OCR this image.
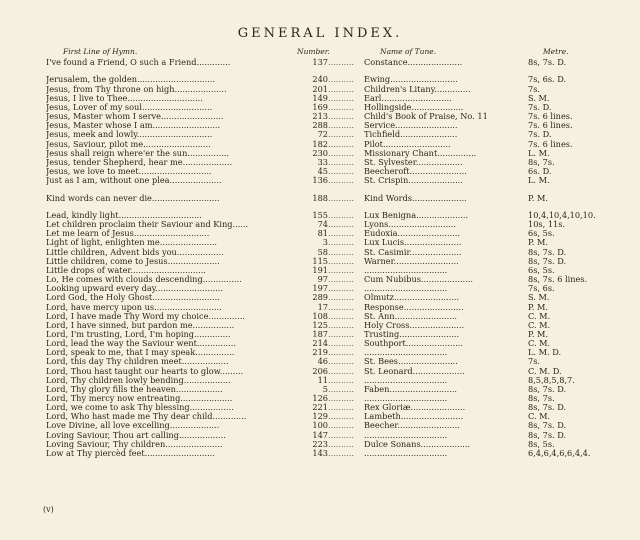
GENERAL INDEX.
First Line of Hymn.	Number.	Name of Tune.	Metre.
I've found a Friend, O such a Friend.............	137 ..........	Constance.....................	8s, 7s. D.
Jerusalem, the golden..............................	240 ..........	Ewing..........................	7s, 6s. D.
Jesus, from Thy throne on high....................	201 ..........	Children's Litany..............	7s.
Jesus, I live to Thee.............................	149 ..........	Earl...........................	S. M.
Jesus, Lover of my soul...........................	169 ..........	Hollingside....................	7s. D.
Jesus, Master whom I serve........................	213 ..........	Child's Book of Praise, No. 11	7s. 6 lines.
Jesus, Master whose I am..........................	288 ..........	Service........................	7s. 6 lines.
Jesus, meek and lowly.............................	72 ..........	Tichfield......................	7s. D.
Jesus, Saviour, pilot me..........................	182 ..........	Pilot..........................	7s. 6 lines.
Jesus shall reign where'er the sun................	230 ..........	Missionary Chant...............	L. M.
Jesus, tender Shepherd, hear me...................	33 ..........	St. Sylvester..................	8s, 7s.
Jesus, we love to meet............................	45 ..........	Beecheroft......................	6s. D.
Just as I am, without one plea....................	136 ..........	St. Crispin.....................	L. M.
Kind words can never die..........................	188 ..........	Kind Words.....................	P. M.
Lead, kindly light................................	155 ..........	Lux Benigna....................	10,4,10,4,10,10.
Let children proclaim their Saviour and King......	74 ..........	Lyons..........................	10s, 11s.
Let me learn of Jesus.............................	81 ..........	Eudoxia........................	6s, 5s.
Light of light, enlighten me......................	3 ..........	Lux Lucis......................	P. M.
Little children, Advent bids you..................	58 ..........	St. Casimir....................	8s, 7s. D.
Little children, come to Jesus....................	115 ..........	Warner.........................	8s, 7s. D.
Little drops of water.............................	191 ..........	................................	6s, 5s.
Lo, He comes with clouds descending...............	97 ..........	Cum Nubibus....................	8s, 7s. 6 lines.
Looking upward every day..........................	197 ..........	................................	7s, 6s.
Lord God, the Holy Ghost..........................	289 ..........	Olmutz.........................	S. M.
Lord, have mercy upon us..........................	17 ..........	Response.......................	P. M.
Lord, I have made Thy Word my choice..............	108 ..........	St. Ann........................	C. M.
Lord, I have sinned, but pardon me................	125 ..........	Holy Cross.....................	C. M.
Lord, I'm trusting, Lord, I'm hoping..............	187 ..........	Trusting.......................	P. M.
Lord, lead the way the Saviour went...............	214 ..........	Southport......................	C. M.
Lord, speak to me, that I may speak...............	219 ..........	................................	L. M. D.
Lord, this day Thy children meet..................	46 ..........	St. Bees.......................	7s.
Lord, Thou hast taught our hearts to glow.........	206 ..........	St. Leonard....................	C. M. D.
Lord, Thy children lowly bending..................	11 ..........	................................	8,5,8,5,8,7.
Lord, Thy glory fills the heaven..................	5 ..........	Faben..........................	8s, 7s. D.
Lord, Thy mercy now entreating....................	126 ..........	................................	8s, 7s.
Lord, we come to ask Thy blessing.................	221 ..........	Rex Gloriæ.....................	8s, 7s. D.
Lord, Who hast made me Thy dear child.............	129 ..........	Lambeth........................	C. M.
Love Divine, all love excelling...................	100 ..........	Beecher........................	8s, 7s. D.
Loving Saviour, Thou art calling..................	147 ..........	................................	8s, 7s. D.
Loving Saviour, Thy children......................	223 ..........	Dulce Sonans...................	8s, 5s.
Low at Thy piercèd feet...........................	143 ..........	................................	6,4,6,4,6,6,4,4.
(v)
